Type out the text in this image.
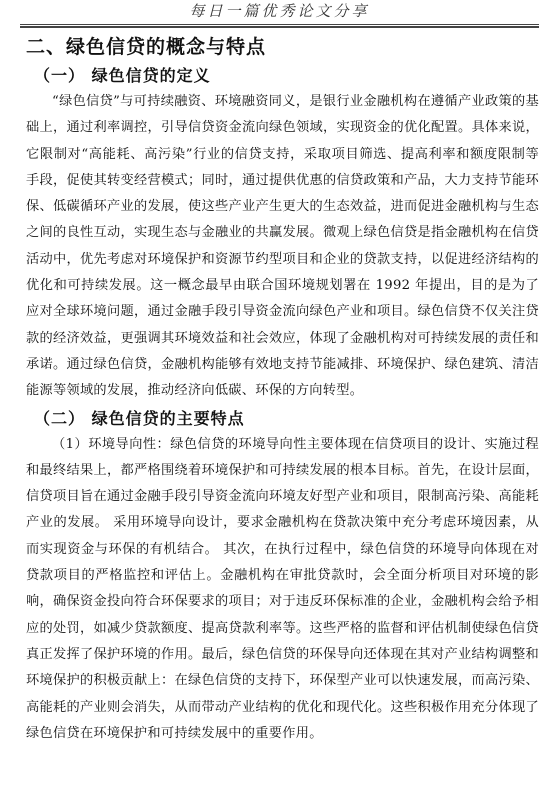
每日一篇优秀论文分享
二、绿色信贷的概念与特点
（一） 绿色信贷的定义

“绿色信贷”与可持续融资、环境融资同义，是银行业金融机构在遵循产业政策的基础上，通过利率调控，引导信贷资金流向绿色领域，实现资金的优化配置。具体来说，它限制对“高能耗、高污染”行业的信贷支持，采取项目筛选、提高利率和额度限制等手段，促使其转变经营模式；同时，通过提供优惠的信贷政策和产品，大力支持节能环保、低碳循环产业的发展，使这些产业产生更大的生态效益，进而促进金融机构与生态之间的良性互动，实现生态与金融业的共赢发展。微观上绿色信贷是指金融机构在信贷活动中，优先考虑对环境保护和资源节约型项目和企业的贷款支持，以促进经济结构的优化和可持续发展。这一概念最早由联合国环境规划署在 1992 年提出，目的是为了应对全球环境问题，通过金融手段引导资金流向绿色产业和项目。绿色信贷不仅关注贷款的经济效益，更强调其环境效益和社会效应，体现了金融机构对可持续发展的责任和承诺。通过绿色信贷，金融机构能够有效地支持节能减排、环境保护、绿色建筑、清洁能源等领域的发展，推动经济向低碳、环保的方向转型。

（二） 绿色信贷的主要特点

（1）环境导向性：绿色信贷的环境导向性主要体现在信贷项目的设计、实施过程和最终结果上，都严格围绕着环境保护和可持续发展的根本目标。首先，在设计层面，信贷项目旨在通过金融手段引导资金流向环境友好型产业和项目，限制高污染、高能耗产业的发展。 采用环境导向设计，要求金融机构在贷款决策中充分考虑环境因素，从而实现资金与环保的有机结合。 其次，在执行过程中，绿色信贷的环境导向体现在对贷款项目的严格监控和评估上。金融机构在审批贷款时，会全面分析项目对环境的影响，确保资金投向符合环保要求的项目；对于违反环保标准的企业，金融机构会给予相应的处罚，如减少贷款额度、提高贷款利率等。这些严格的监督和评估机制使绿色信贷真正发挥了保护环境的作用。最后，绿色信贷的环保导向还体现在其对产业结构调整和环境保护的积极贡献上：在绿色信贷的支持下，环保型产业可以快速发展，而高污染、高能耗的产业则会消失，从而带动产业结构的优化和现代化。这些积极作用充分体现了绿色信贷在环境保护和可持续发展中的重要作用。
